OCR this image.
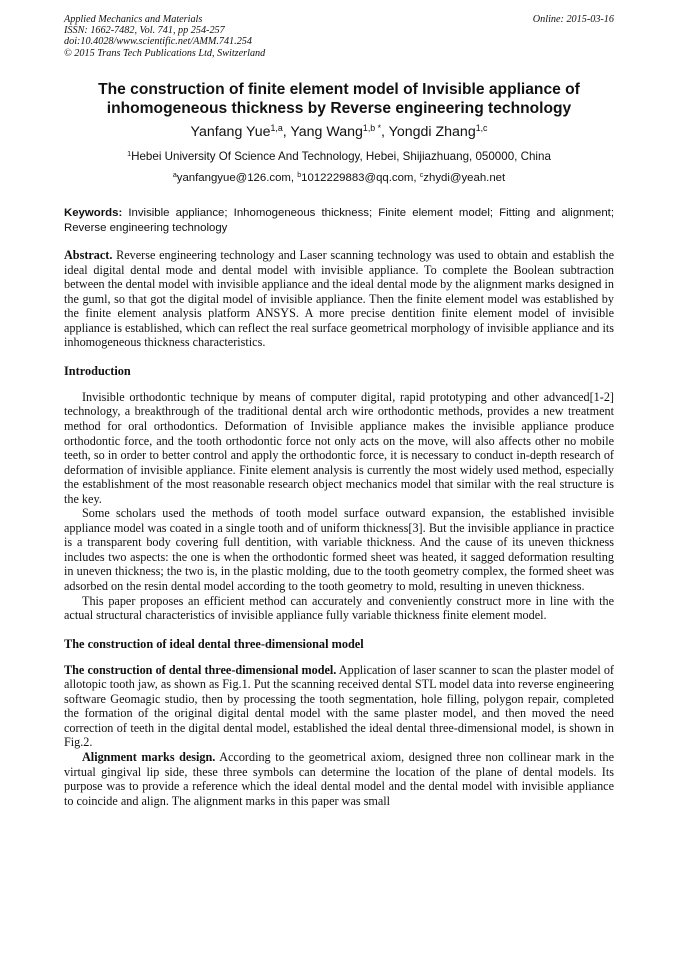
Applied Mechanics and Materials
ISSN: 1662-7482, Vol. 741, pp 254-257
doi:10.4028/www.scientific.net/AMM.741.254
© 2015 Trans Tech Publications Ltd, Switzerland
Online: 2015-03-16
The construction of finite element model of Invisible appliance of inhomogeneous thickness by Reverse engineering technology
Yanfang Yue$^{1,a}$, Yang Wang$^{1,b *}$, Yongdi Zhang$^{1,c}$
$^1$Hebei University Of Science And Technology, Hebei, Shijiazhuang, 050000, China
$^a$yanfangyue@126.com, $^b$1012229883@qq.com, $^c$zhydi@yeah.net
Keywords: Invisible appliance; Inhomogeneous thickness; Finite element model; Fitting and alignment; Reverse engineering technology

Abstract. Reverse engineering technology and Laser scanning technology was used to obtain and establish the ideal digital dental mode and dental model with invisible appliance. To complete the Boolean subtraction between the dental model with invisible appliance and the ideal dental mode by the alignment marks designed in the guml, so that got the digital model of invisible appliance. Then the finite element model was established by the finite element analysis platform ANSYS. A more precise dentition finite element model of invisible appliance is established, which can reflect the real surface geometrical morphology of invisible appliance and its inhomogeneous thickness characteristics.

Introduction

Invisible orthodontic technique by means of computer digital, rapid prototyping and other advanced[1-2] technology, a breakthrough of the traditional dental arch wire orthodontic methods, provides a new treatment method for oral orthodontics. Deformation of Invisible appliance makes the invisible appliance produce orthodontic force, and the tooth orthodontic force not only acts on the move, will also affects other no mobile teeth, so in order to better control and apply the orthodontic force, it is necessary to conduct in-depth research of deformation of invisible appliance. Finite element analysis is currently the most widely used method, especially the establishment of the most reasonable research object mechanics model that similar with the real structure is the key.

Some scholars used the methods of tooth model surface outward expansion, the established invisible appliance model was coated in a single tooth and of uniform thickness[3]. But the invisible appliance in practice is a transparent body covering full dentition, with variable thickness. And the cause of its uneven thickness includes two aspects: the one is when the orthodontic formed sheet was heated, it sagged deformation resulting in uneven thickness; the two is, in the plastic molding, due to the tooth geometry complex, the formed sheet was adsorbed on the resin dental model according to the tooth geometry to mold, resulting in uneven thickness.

This paper proposes an efficient method can accurately and conveniently construct more in line with the actual structural characteristics of invisible appliance fully variable thickness finite element model.

The construction of ideal dental three-dimensional model

The construction of dental three-dimensional model. Application of laser scanner to scan the plaster model of allotopic tooth jaw, as shown as Fig.1. Put the scanning received dental STL model data into reverse engineering software Geomagic studio, then by processing the tooth segmentation, hole filling, polygon repair, completed the formation of the original digital dental model with the same plaster model, and then moved the need correction of teeth in the digital dental model, established the ideal dental three-dimensional model, is shown in Fig.2.

Alignment marks design. According to the geometrical axiom, designed three non collinear mark in the virtual gingival lip side, these three symbols can determine the location of the plane of dental models. Its purpose was to provide a reference which the ideal dental model and the dental model with invisible appliance to coincide and align. The alignment marks in this paper was small
